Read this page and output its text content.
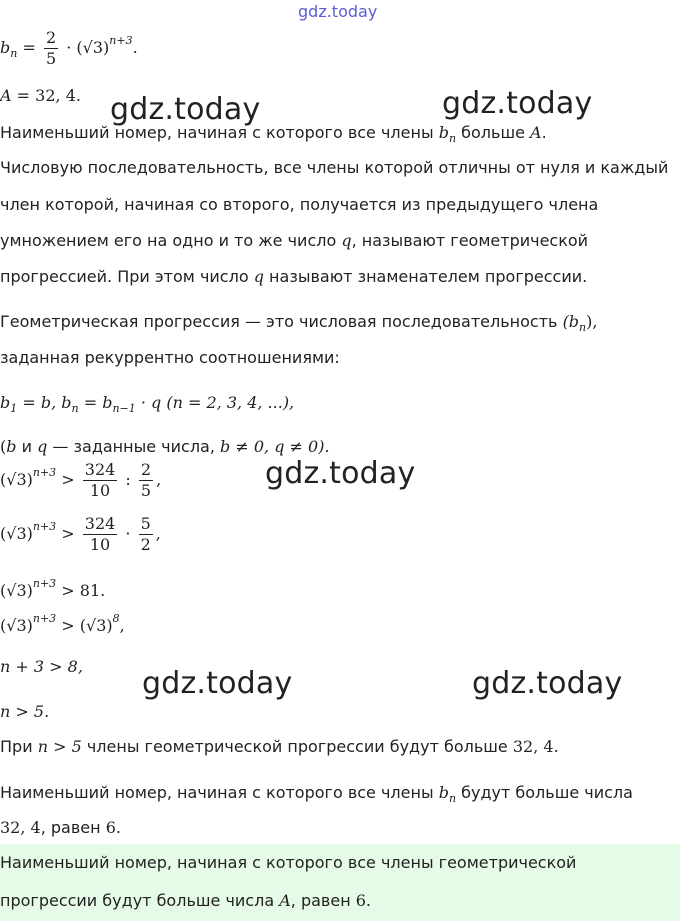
gdz.today
$b_n = \frac{2}{5} \cdot (√3)^{n+3}$.
A = 32, 4. gdz.today	gdz.today
Наименьший номер, начиная с которого все члены $b_n$ больше A.
Числовую последовательность, все члены которой отличны от нуля и каждый
член которой, начиная со второго, получается из предыдущего члена
умножением его на одно и то же число q, называют геометрической
прогрессией. При этом число q называют знаменателем прогрессии.
Геометрическая прогрессия — это числовая последовательность $(b_n)$,
заданная рекуррентно соотношениями:
$b_1 = b$, $b_n = b_{n-1} \cdot q$ (n = 2, 3, 4, ...),
(b и q — заданные числа, b ≠ 0, q ≠ 0).
gdz.today
$(√3)^{n+3} > \frac{324}{10}$ : $\frac{2}{5}$ ,
$(√3)^{n+3} > \frac{324}{10} \cdot \frac{5}{2}$ ,
$(√3)^{n+3} > 81$.
$(√3)^{n+3} > (√3)^8$,
n + 3 > 8, gdz.today	gdz.today
n > 5.
При n > 5 члены геометрической прогрессии будут больше 32, 4.
Наименьший номер, начиная с которого все члены $b_n$ будут больше числа
32, 4, равен 6.
Наименьший номер, начиная с которого все члены геометрической
прогрессии будут больше числа A, равен 6.
